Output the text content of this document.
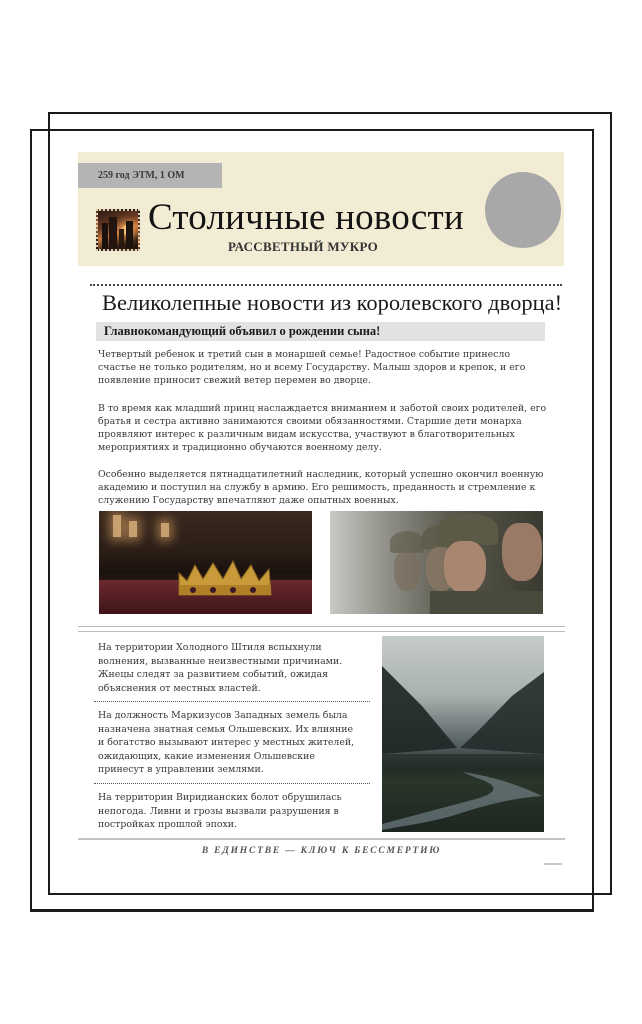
259 год ЭТМ, 1 ОМ
Столичные новости
РАССВЕТНЫЙ МУКРО
Великолепные новости из королевского дворца!
Главнокомандующий объявил о рождении сына!
Четвертый ребенок и третий сын в монаршей семье! Радостное событие принесло счастье не только родителям, но и всему Государству. Малыш здоров и крепок, и его появление приносит свежий ветер перемен во дворце.
В то время как младший принц наслаждается вниманием и заботой своих родителей, его братья и сестра активно занимаются своими обязанностями. Старшие дети монарха проявляют интерес к различным видам искусства, участвуют в благотворительных мероприятиях и традиционно обучаются военному делу.
Особенно выделяется пятнадцатилетний наследник, который успешно окончил военную академию и поступил на службу в армию. Его решимость, преданность и стремление к служению Государству впечатляют даже опытных военных.
На территории Холодного Штиля вспыхнули волнения, вызванные неизвестными причинами. Жнецы следят за развитием событий, ожидая объяснения от местных властей.
На должность Маркизусов Западных земель была назначена знатная семья Ольшевских. Их влияние и богатство вызывают интерес у местных жителей, ожидающих, какие изменения Ольшевские принесут в управлении землями.
На территории Виридианских болот обрушилась непогода. Ливни и грозы вызвали разрушения в постройках прошлой эпохи.
В ЕДИНСТВЕ — КЛЮЧ К БЕССМЕРТИЮ
